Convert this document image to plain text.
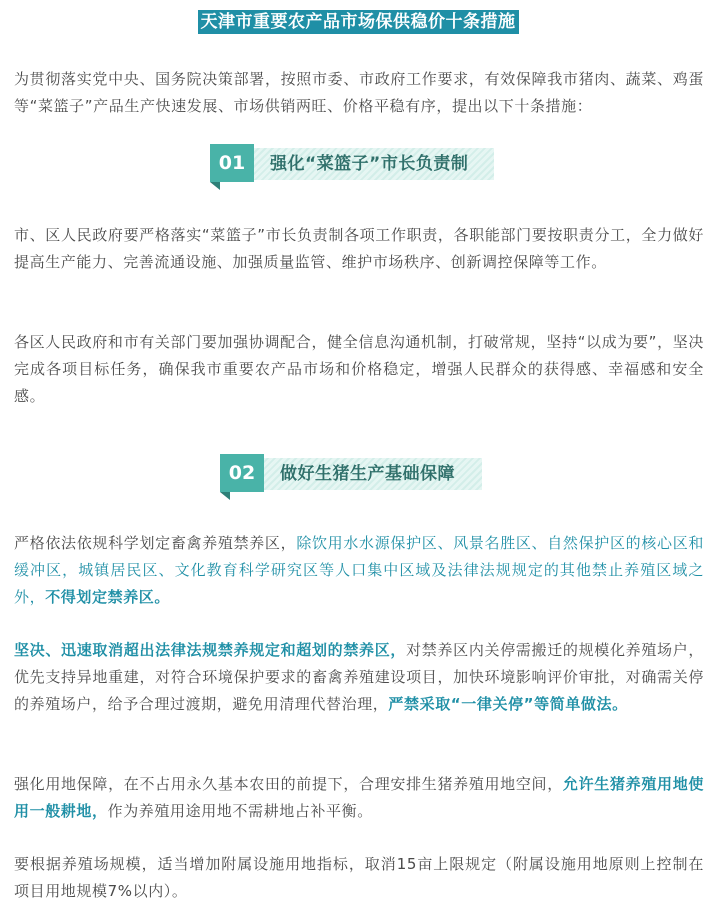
天津市重要农产品市场保供稳价十条措施

为贯彻落实党中央、国务院决策部署，按照市委、市政府工作要求，有效保障我市猪肉、蔬菜、鸡蛋等“菜篮子”产品生产快速发展、市场供销两旺、价格平稳有序，提出以下十条措施：

01	强化“菜篮子”市长负责制

市、区人民政府要严格落实“菜篮子”市长负责制各项工作职责，各职能部门要按职责分工，全力做好提高生产能力、完善流通设施、加强质量监管、维护市场秩序、创新调控保障等工作。

各区人民政府和市有关部门要加强协调配合，健全信息沟通机制，打破常规，坚持“以成为要”，坚决完成各项目标任务，确保我市重要农产品市场和价格稳定，增强人民群众的获得感、幸福感和安全感。

02	做好生猪生产基础保障

严格依法依规科学划定畜禽养殖禁养区，除饮用水水源保护区、风景名胜区、自然保护区的核心区和缓冲区，城镇居民区、文化教育科学研究区等人口集中区域及法律法规规定的其他禁止养殖区域之外，不得划定禁养区。

坚决、迅速取消超出法律法规禁养规定和超划的禁养区，对禁养区内关停需搬迁的规模化养殖场户，优先支持异地重建，对符合环境保护要求的畜禽养殖建设项目，加快环境影响评价审批，对确需关停的养殖场户，给予合理过渡期，避免用清理代替治理，严禁采取“一律关停”等简单做法。

强化用地保障，在不占用永久基本农田的前提下，合理安排生猪养殖用地空间，允许生猪养殖用地使用一般耕地，作为养殖用途用地不需耕地占补平衡。

要根据养殖场规模，适当增加附属设施用地指标，取消15亩上限规定（附属设施用地原则上控制在项目用地规模7%以内）。
